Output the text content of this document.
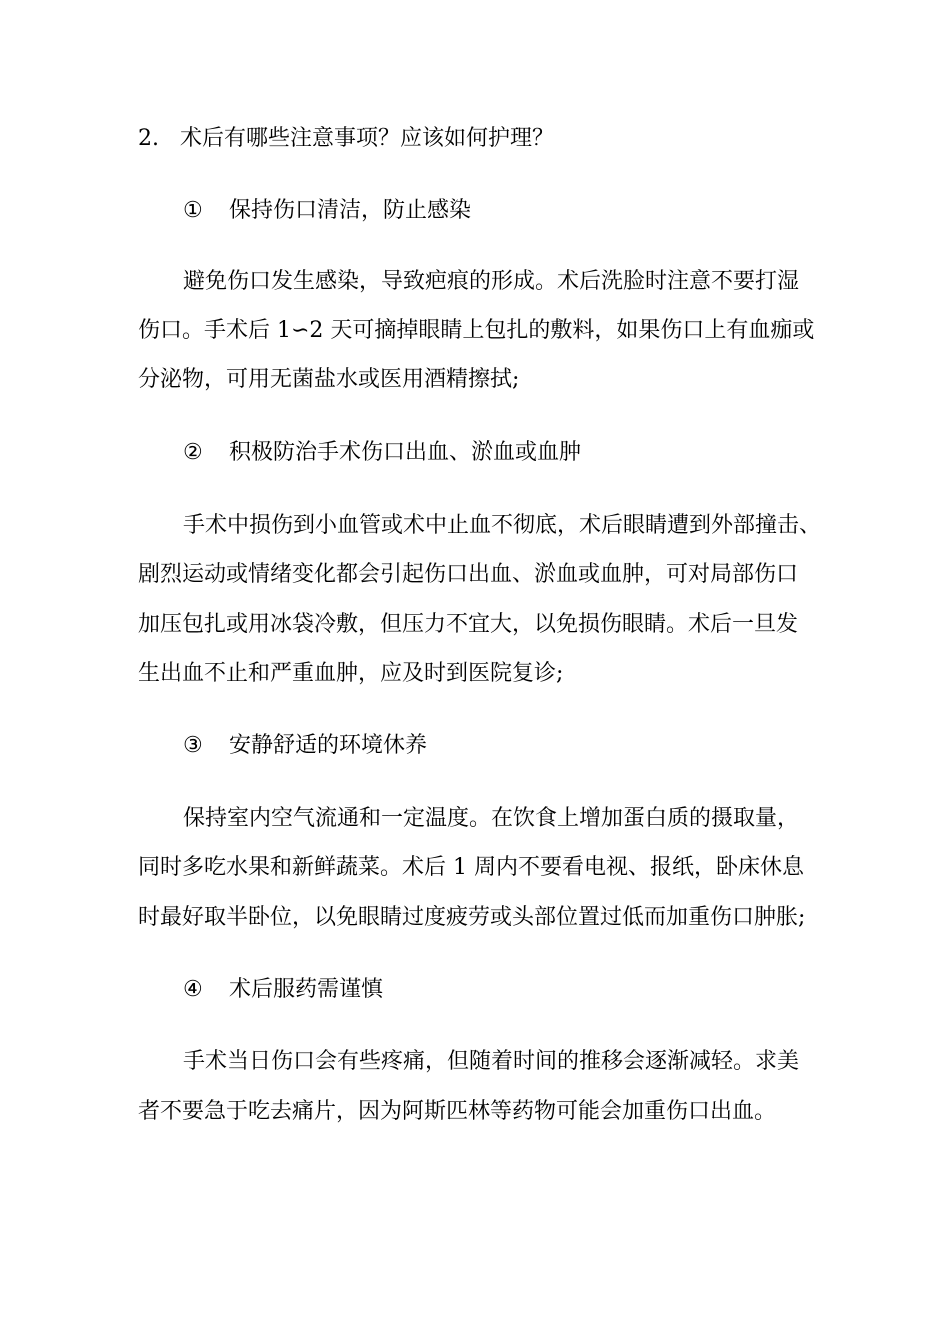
2. 术后有哪些注意事项？应该如何护理？
① 保持伤口清洁，防止感染
避免伤口发生感染，导致疤痕的形成。术后洗脸时注意不要打湿
伤口。手术后 1∽2 天可摘掉眼睛上包扎的敷料，如果伤口上有血痂或
分泌物，可用无菌盐水或医用酒精擦拭;
② 积极防治手术伤口出血、淤血或血肿
手术中损伤到小血管或术中止血不彻底，术后眼睛遭到外部撞击、
剧烈运动或情绪变化都会引起伤口出血、淤血或血肿，可对局部伤口
加压包扎或用冰袋冷敷，但压力不宜大，以免损伤眼睛。术后一旦发
生出血不止和严重血肿，应及时到医院复诊;
③ 安静舒适的环境休养
保持室内空气流通和一定温度。在饮食上增加蛋白质的摄取量，
同时多吃水果和新鲜蔬菜。术后 1 周内不要看电视、报纸，卧床休息
时最好取半卧位，以免眼睛过度疲劳或头部位置过低而加重伤口肿胀;
④ 术后服药需谨慎
手术当日伤口会有些疼痛，但随着时间的推移会逐渐减轻。求美
者不要急于吃去痛片，因为阿斯匹林等药物可能会加重伤口出血。
